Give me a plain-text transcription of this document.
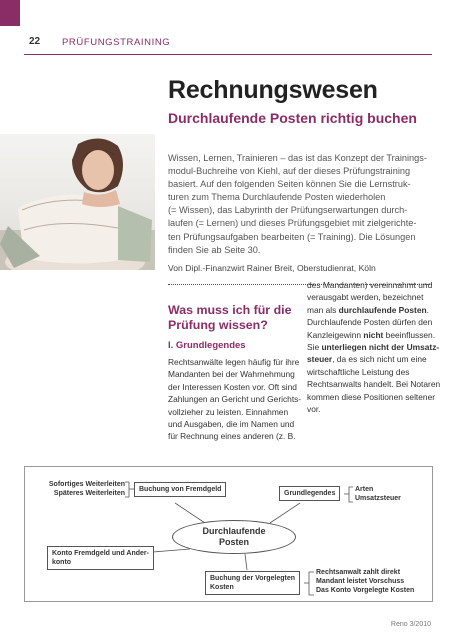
22 PRÜFUNGSTRAINING
Rechnungswesen
Durchlaufende Posten richtig buchen
Wissen, Lernen, Trainieren – das ist das Konzept der Trainings-
modul-Buchreihe von Kiehl, auf der dieses Prüfungstraining
basiert. Auf den folgenden Seiten können Sie die Lernstruk-
turen zum Thema Durchlaufende Posten wiederholen
(= Wissen), das Labyrinth der Prüfungserwartungen durch-
laufen (= Lernen) und dieses Prüfungsgebiet mit zielgerichte-
ten Prüfungsaufgaben bearbeiten (= Training). Die Lösungen
finden Sie ab Seite 30.
Von Dipl.-Finanzwirt Rainer Breit, Oberstudienrat, Köln
Was muss ich für die
Prüfung wissen?
I. Grundlegendes
Rechtsanwälte legen häufig für ihre
Mandanten bei der Wahrnehmung
der Interessen Kosten vor. Oft sind
Zahlungen an Gericht und Gerichts-
vollzieher zu leisten. Einnahmen
und Ausgaben, die im Namen und
für Rechnung eines anderen (z. B.
des Mandanten) vereinnahmt und
verausgabt werden, bezeichnet
man als durchlaufende Posten.
Durchlaufende Posten dürfen den
Kanzleigewinn nicht beeinflussen.
Sie unterliegen nicht der Umsatz-
steuer, da es sich nicht um eine
wirtschaftliche Leistung des
Rechtsanwalts handelt. Bei Notaren
kommen diese Positionen seltener
vor.
Sofortiges Weiterleiten
Späteres Weiterleiten
Buchung von Fremdgeld
Grundlegendes
Arten
Umsatzsteuer
Durchlaufende
Posten
Konto Fremdgeld und Ander-
konto
Buchung der Vorgelegten
Kosten
Rechtsanwalt zahlt direkt
Mandant leistet Vorschuss
Das Konto Vorgelegte Kosten
Reno 3/2010
